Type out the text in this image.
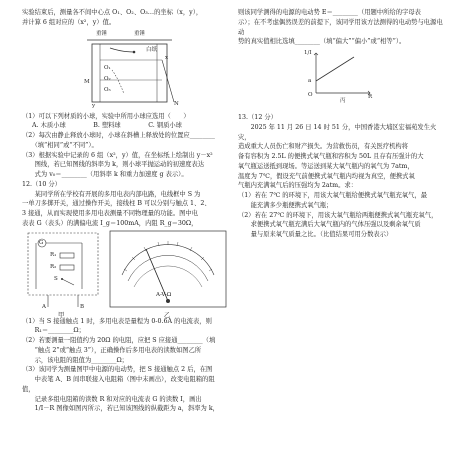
实验结束后，测量各不间中心点 O₁、O₂、O₃…的坐标（x，y），

并计算 6 组对应的（x²，y）值。

重锤	重锤
白纸
O₁
O₂
O₃
M
N
x
y

（1）可以下列材质的小球，实验中所用小球应选用（　　）

A. 木质小球	B. 塑料球	C. 钢质小球

（2）每次由静止释放小球时，小球在斜槽上释放处的位置应________

　　（填“相同”或“不同”）。

（3）根据实验中记录的 6 组（x²，y）值，在坐标纸上绘制出 y－x²

　　图线，若已知图线的斜率为 k，则小球平抛运动的初速度表达

　　式为 v₀＝________（用斜率 k 和重力加速度 g 表示）。

12.（10 分）

　　某同学所在学校有开展的多用电表内部电路，电线框中 S 为

一单刀多掷开关，通过操作开关，接线柱 B 可以分别与触点 1、2、

3 接通，从而实现使用多用电表测量不同物理量的功能。图中电

表表 G（表头）的满偏电流 I_g＝100mA，内阻 R_g＝30Ω，

G
R₁
R₂
S
A	B
甲
A-V-Ω
乙

（1）当 S 接通触点 1 时，多用电表是量程为 0-0.6A 的电流表，则

　　R₁＝________Ω；

（2）若要测量一阻值约为 20Ω 的电阻，应把 S 应接通________（填

　　“触点 2”或“触点 3”），正确操作后多用电表的读数如图乙所

　　示，该电阻的阻值为________Ω；

（3）该同学为测量图甲中电源的电动势，把 S 接通触点 2 后，在图

　　中表笔 A、B 间串联接入电阻箱（图中未画出），改变电阻箱的阻值，

　　记录多组电阻箱的读数 R 和对应的电流表 G 的读数 I，画出

　　1/I－R 图像如图丙所示，若已知该图线的纵截距为 a，斜率为 k，

则该同学测得的电源的电动势 E＝________（用题中所给的字母表

示）；在不考虑偶然误差的前提下，该同学用该方法测得的电动势与电源电动

势的真实值相比选填________（填“偏大”“偏小”或“相等”）。

1/I
a
O	R
丙

13.（12 分）

　　2025 年 11 月 26 日 14 时 51 分，中国香港大埔区宏福苑发生火灾，

造成重大人员伤亡和财产损失。为营救伤员，有关医疗机构将

备有容积为 2.5L 的便携式氧气瓶和容积为 50L 且存有压强计的大

氧气瓶运送抵到现场。等运送到某大氧气瓶内的氧气为 7atm，

温度为 7℃，假设充气前便携式氧气瓶内均视为真空，便携式氧

气瓶内充满氧气后的压强均为 2atm。求：

（1）若在 7℃ 的环境下，用该大氧气瓶给便携式氧气瓶充氧气，最

　　能充满多少瓶便携式氧气瓶；

（2）若在 27℃ 的环境下，用该大氧气瓶给两瓶便携式氧气瓶充氧气，

　　求便携式氧气瓶充满后大氧气瓶内的气体压强以及剩余氧气质

　　量与原来氧气质量之比。（比值结果可用分数表示）
